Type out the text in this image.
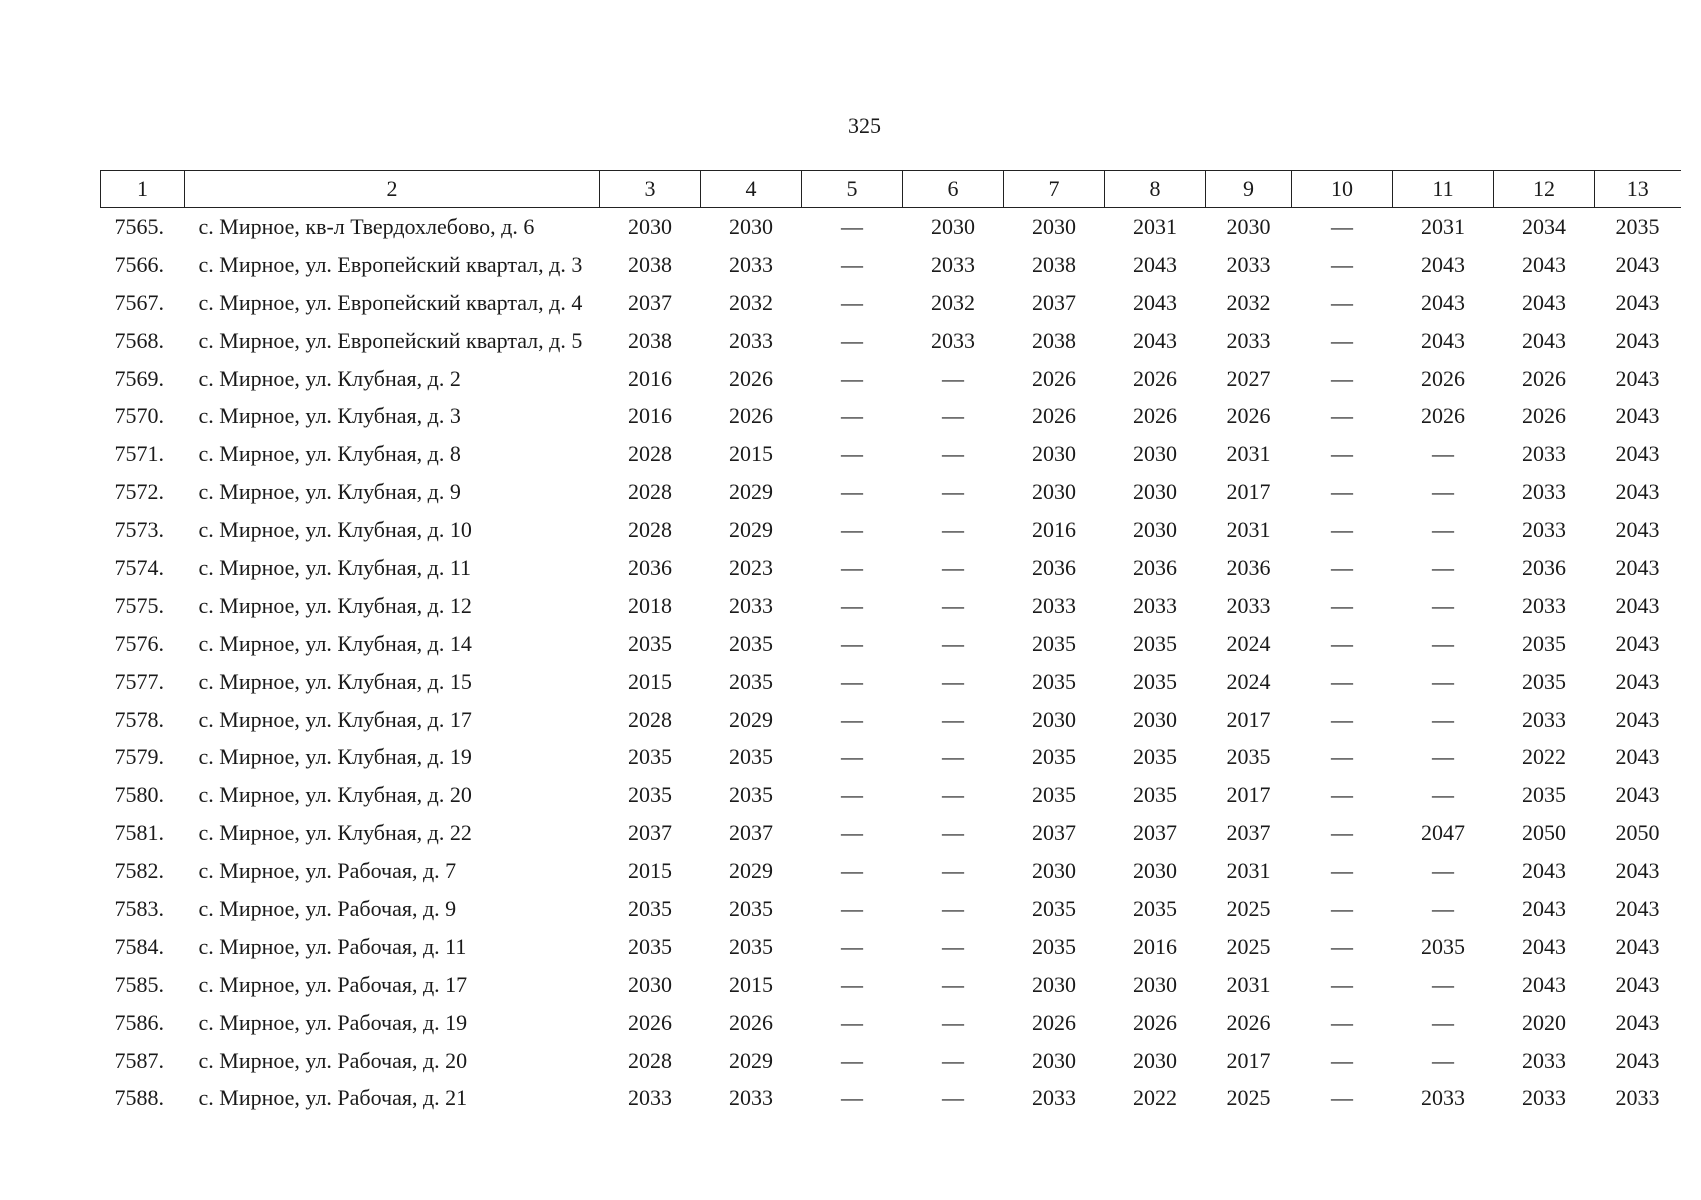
325
1	2	3	4	5	6	7	8	9	10	11	12	13
7565.	с. Мирное, кв-л Твердохлебово, д. 6	2030	2030	—	2030	2030	2031	2030	—	2031	2034	2035
7566.	с. Мирное, ул. Европейский квартал, д. 3	2038	2033	—	2033	2038	2043	2033	—	2043	2043	2043
7567.	с. Мирное, ул. Европейский квартал, д. 4	2037	2032	—	2032	2037	2043	2032	—	2043	2043	2043
7568.	с. Мирное, ул. Европейский квартал, д. 5	2038	2033	—	2033	2038	2043	2033	—	2043	2043	2043
7569.	с. Мирное, ул. Клубная, д. 2	2016	2026	—	—	2026	2026	2027	—	2026	2026	2043
7570.	с. Мирное, ул. Клубная, д. 3	2016	2026	—	—	2026	2026	2026	—	2026	2026	2043
7571.	с. Мирное, ул. Клубная, д. 8	2028	2015	—	—	2030	2030	2031	—	—	2033	2043
7572.	с. Мирное, ул. Клубная, д. 9	2028	2029	—	—	2030	2030	2017	—	—	2033	2043
7573.	с. Мирное, ул. Клубная, д. 10	2028	2029	—	—	2016	2030	2031	—	—	2033	2043
7574.	с. Мирное, ул. Клубная, д. 11	2036	2023	—	—	2036	2036	2036	—	—	2036	2043
7575.	с. Мирное, ул. Клубная, д. 12	2018	2033	—	—	2033	2033	2033	—	—	2033	2043
7576.	с. Мирное, ул. Клубная, д. 14	2035	2035	—	—	2035	2035	2024	—	—	2035	2043
7577.	с. Мирное, ул. Клубная, д. 15	2015	2035	—	—	2035	2035	2024	—	—	2035	2043
7578.	с. Мирное, ул. Клубная, д. 17	2028	2029	—	—	2030	2030	2017	—	—	2033	2043
7579.	с. Мирное, ул. Клубная, д. 19	2035	2035	—	—	2035	2035	2035	—	—	2022	2043
7580.	с. Мирное, ул. Клубная, д. 20	2035	2035	—	—	2035	2035	2017	—	—	2035	2043
7581.	с. Мирное, ул. Клубная, д. 22	2037	2037	—	—	2037	2037	2037	—	2047	2050	2050
7582.	с. Мирное, ул. Рабочая, д. 7	2015	2029	—	—	2030	2030	2031	—	—	2043	2043
7583.	с. Мирное, ул. Рабочая, д. 9	2035	2035	—	—	2035	2035	2025	—	—	2043	2043
7584.	с. Мирное, ул. Рабочая, д. 11	2035	2035	—	—	2035	2016	2025	—	2035	2043	2043
7585.	с. Мирное, ул. Рабочая, д. 17	2030	2015	—	—	2030	2030	2031	—	—	2043	2043
7586.	с. Мирное, ул. Рабочая, д. 19	2026	2026	—	—	2026	2026	2026	—	—	2020	2043
7587.	с. Мирное, ул. Рабочая, д. 20	2028	2029	—	—	2030	2030	2017	—	—	2033	2043
7588.	с. Мирное, ул. Рабочая, д. 21	2033	2033	—	—	2033	2022	2025	—	2033	2033	2033
